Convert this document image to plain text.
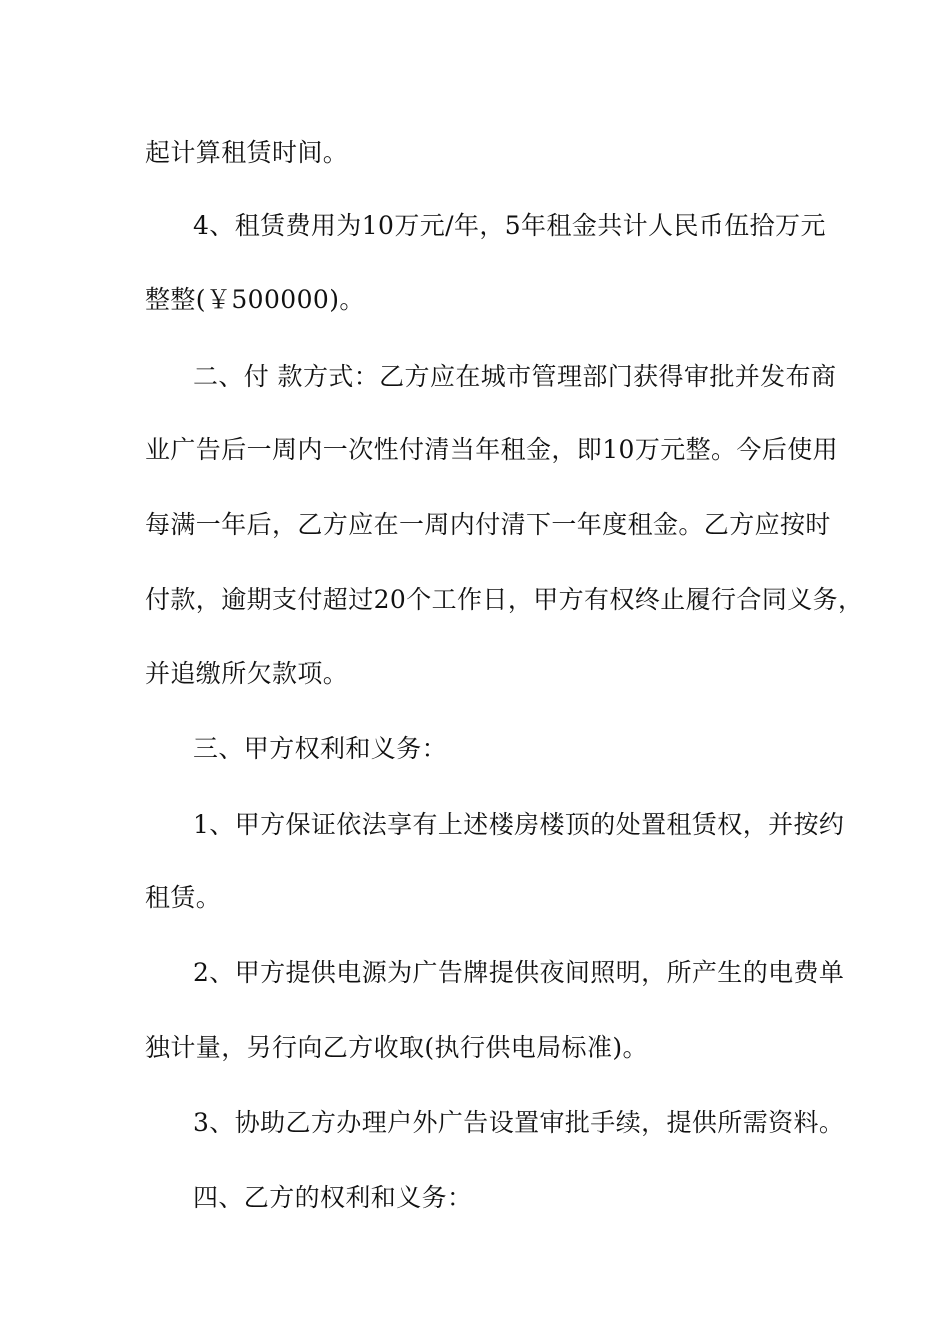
起计算租赁时间。
4、租赁费用为10万元/年，5年租金共计人民币伍拾万元
整整(￥500000)。
二、付 款方式：乙方应在城市管理部门获得审批并发布商
业广告后一周内一次性付清当年租金，即10万元整。今后使用
每满一年后，乙方应在一周内付清下一年度租金。乙方应按时
付款，逾期支付超过20个工作日，甲方有权终止履行合同义务，
并追缴所欠款项。
三、甲方权利和义务：
1、甲方保证依法享有上述楼房楼顶的处置租赁权，并按约
租赁。
2、甲方提供电源为广告牌提供夜间照明，所产生的电费单
独计量，另行向乙方收取(执行供电局标准)。
3、协助乙方办理户外广告设置审批手续，提供所需资料。
四、乙方的权利和义务：
